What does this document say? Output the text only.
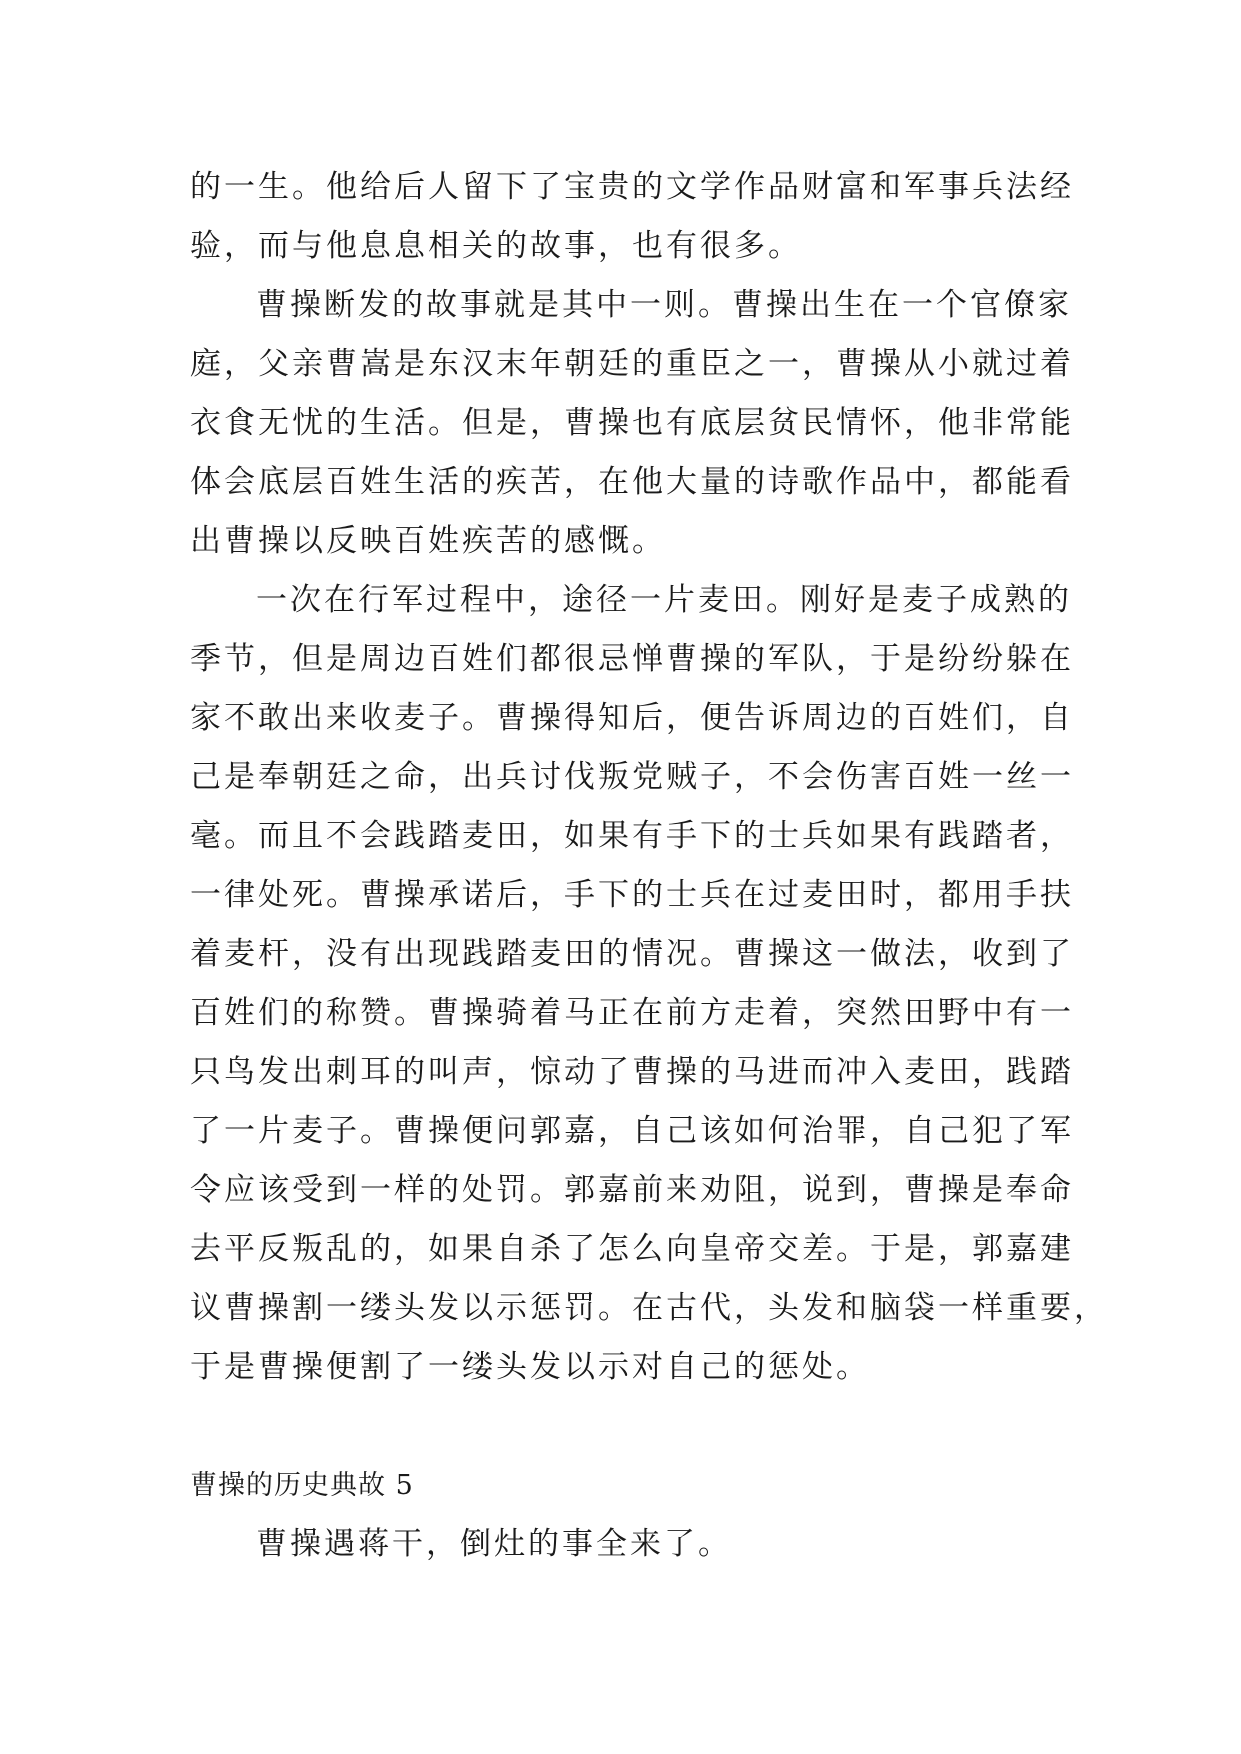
的一生。他给后人留下了宝贵的文学作品财富和军事兵法经
验，而与他息息相关的故事，也有很多。
曹操断发的故事就是其中一则。曹操出生在一个官僚家
庭，父亲曹嵩是东汉末年朝廷的重臣之一，曹操从小就过着
衣食无忧的生活。但是，曹操也有底层贫民情怀，他非常能
体会底层百姓生活的疾苦，在他大量的诗歌作品中，都能看
出曹操以反映百姓疾苦的感慨。
一次在行军过程中，途径一片麦田。刚好是麦子成熟的
季节，但是周边百姓们都很忌惮曹操的军队，于是纷纷躲在
家不敢出来收麦子。曹操得知后，便告诉周边的百姓们，自
己是奉朝廷之命，出兵讨伐叛党贼子，不会伤害百姓一丝一
毫。而且不会践踏麦田，如果有手下的士兵如果有践踏者，
一律处死。曹操承诺后，手下的士兵在过麦田时，都用手扶
着麦杆，没有出现践踏麦田的情况。曹操这一做法，收到了
百姓们的称赞。曹操骑着马正在前方走着，突然田野中有一
只鸟发出刺耳的叫声，惊动了曹操的马进而冲入麦田，践踏
了一片麦子。曹操便问郭嘉，自己该如何治罪，自己犯了军
令应该受到一样的处罚。郭嘉前来劝阻，说到，曹操是奉命
去平反叛乱的，如果自杀了怎么向皇帝交差。于是，郭嘉建
议曹操割一缕头发以示惩罚。在古代，头发和脑袋一样重要，
于是曹操便割了一缕头发以示对自己的惩处。
曹操的历史典故 5
曹操遇蒋干，倒灶的事全来了。
